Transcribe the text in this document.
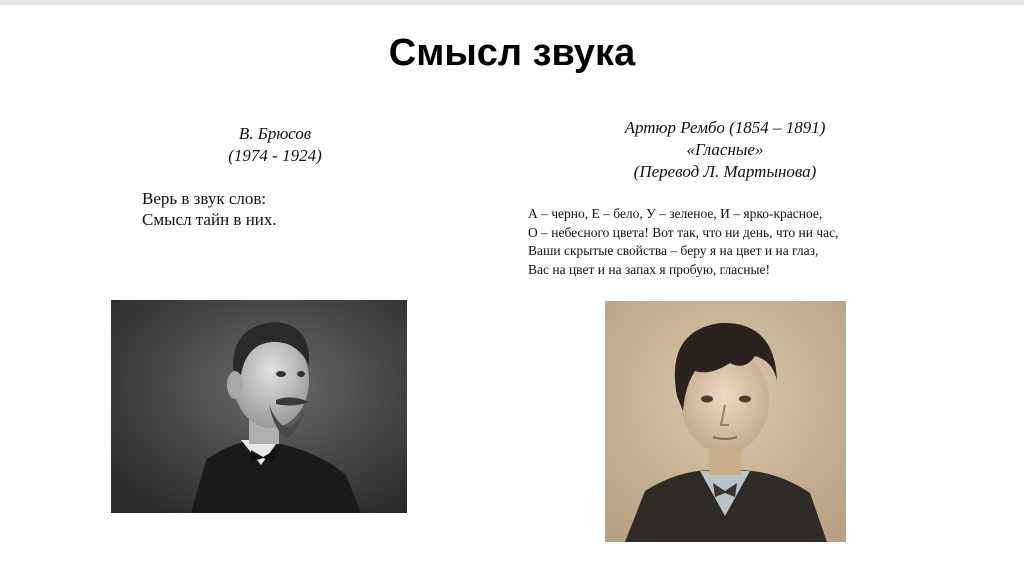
Смысл звука
В. Брюсов
(1974 - 1924)
Верь в звук слов:
Смысл тайн в них.
Артюр Рембо (1854 – 1891)
«Гласные»
(Перевод Л. Мартынова)
А – черно, Е – бело, У – зеленое, И – ярко-красное,
О – небесного цвета! Вот так, что ни день, что ни час,
Ваши скрытые свойства – беру я на цвет и на глаз,
Вас на цвет и на запах я пробую, гласные!
